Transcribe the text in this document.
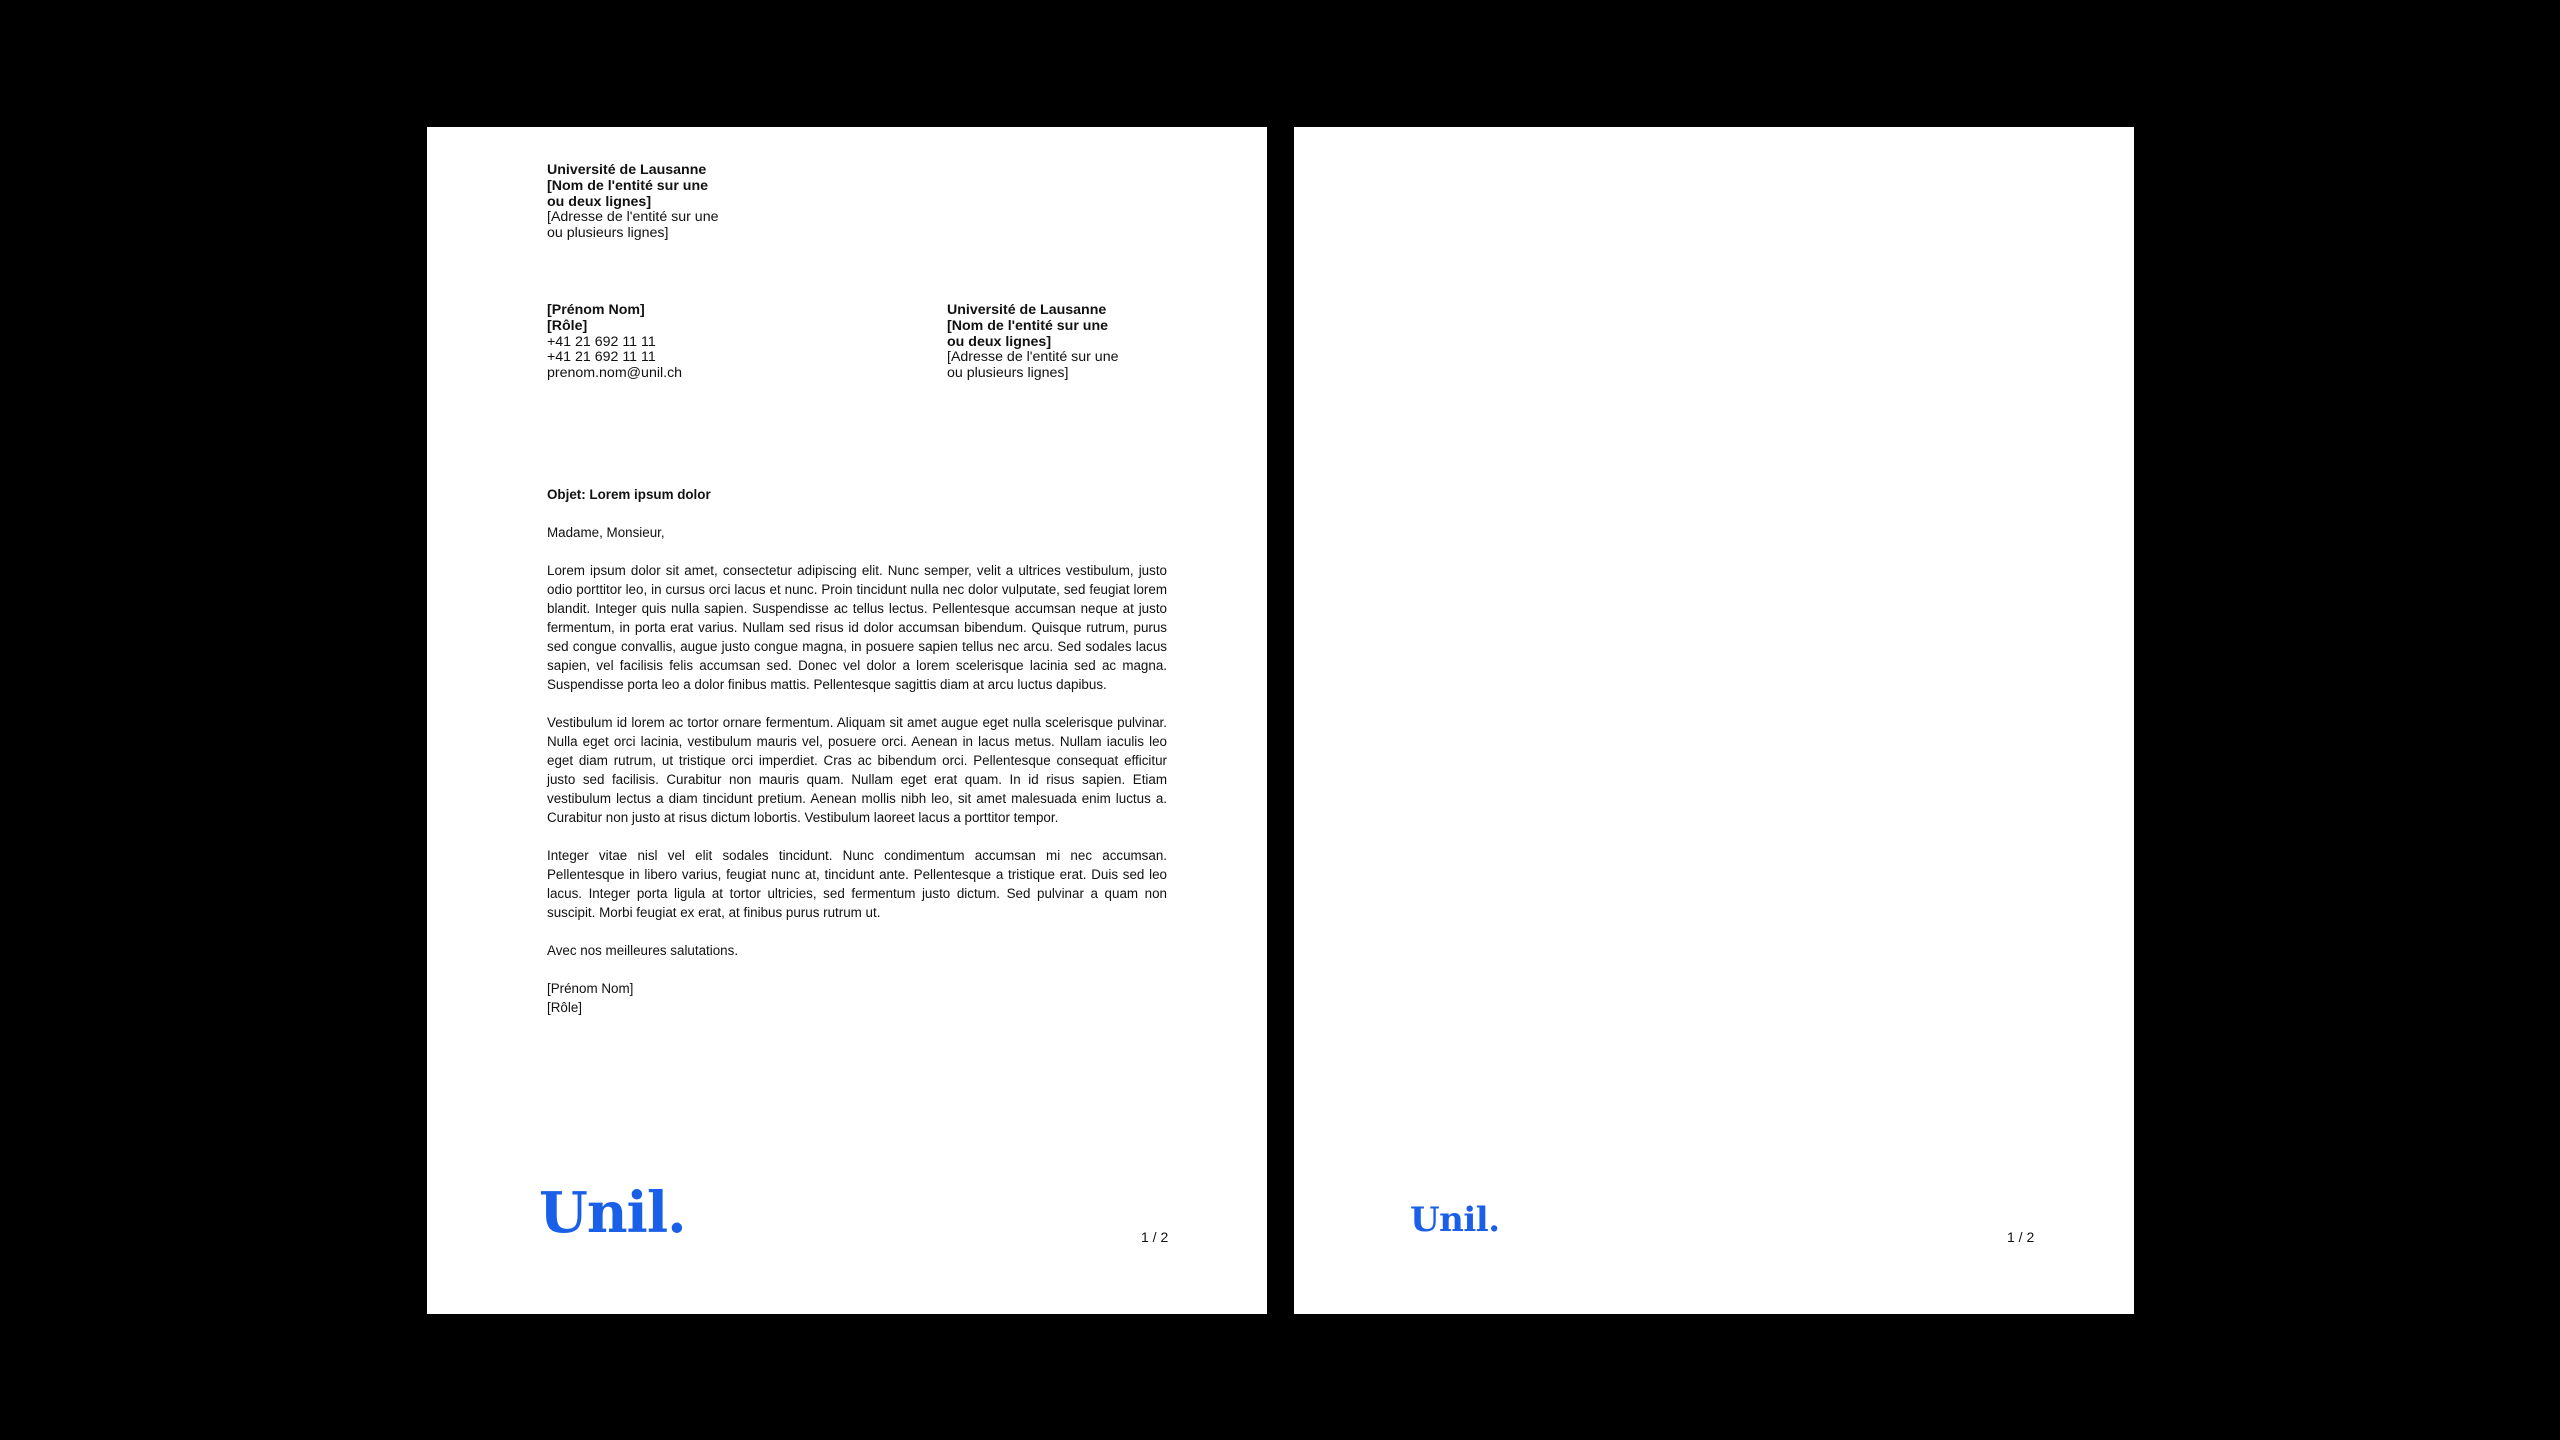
Université de Lausanne
[Nom de l'entité sur une
ou deux lignes]
[Adresse de l'entité sur une
ou plusieurs lignes]
[Prénom Nom]
[Rôle]
+41 21 692 11 11
+41 21 692 11 11
prenom.nom@unil.ch
Université de Lausanne
[Nom de l'entité sur une
ou deux lignes]
[Adresse de l'entité sur une
ou plusieurs lignes]

Objet: Lorem ipsum dolor

Madame, Monsieur,

Lorem ipsum dolor sit amet, consectetur adipiscing elit. Nunc semper, velit a ultrices vestibulum, justo odio porttitor leo, in cursus orci lacus et nunc. Proin tincidunt nulla nec dolor vulputate, sed feugiat lorem blandit. Integer quis nulla sapien. Suspendisse ac tellus lectus. Pellentesque accumsan neque at justo fermentum, in porta erat varius. Nullam sed risus id dolor accumsan bibendum. Quisque rutrum, purus sed congue convallis, augue justo congue magna, in posuere sapien tellus nec arcu. Sed sodales lacus sapien, vel facilisis felis accumsan sed. Donec vel dolor a lorem scelerisque lacinia sed ac magna. Suspendisse porta leo a dolor finibus mattis. Pellentesque sagittis diam at arcu luctus dapibus.

Vestibulum id lorem ac tortor ornare fermentum. Aliquam sit amet augue eget nulla scelerisque pulvinar. Nulla eget orci lacinia, vestibulum mauris vel, posuere orci. Aenean in lacus metus. Nullam iaculis leo eget diam rutrum, ut tristique orci imperdiet. Cras ac bibendum orci. Pellentesque consequat efficitur justo sed facilisis. Curabitur non mauris quam. Nullam eget erat quam. In id risus sapien. Etiam vestibulum lectus a diam tincidunt pretium. Aenean mollis nibh leo, sit amet malesuada enim luctus a. Curabitur non justo at risus dictum lobortis. Vestibulum laoreet lacus a porttitor tempor.

Integer vitae nisl vel elit sodales tincidunt. Nunc condimentum accumsan mi nec accumsan. Pellentesque in libero varius, feugiat nunc at, tincidunt ante. Pellentesque a tristique erat. Duis sed leo lacus. Integer porta ligula at tortor ultricies, sed fermentum justo dictum. Sed pulvinar a quam non suscipit. Morbi feugiat ex erat, at finibus purus rutrum ut.

Avec nos meilleures salutations.

[Prénom Nom]

[Rôle]

Unil.	1 / 2	Unil.	1 / 2
